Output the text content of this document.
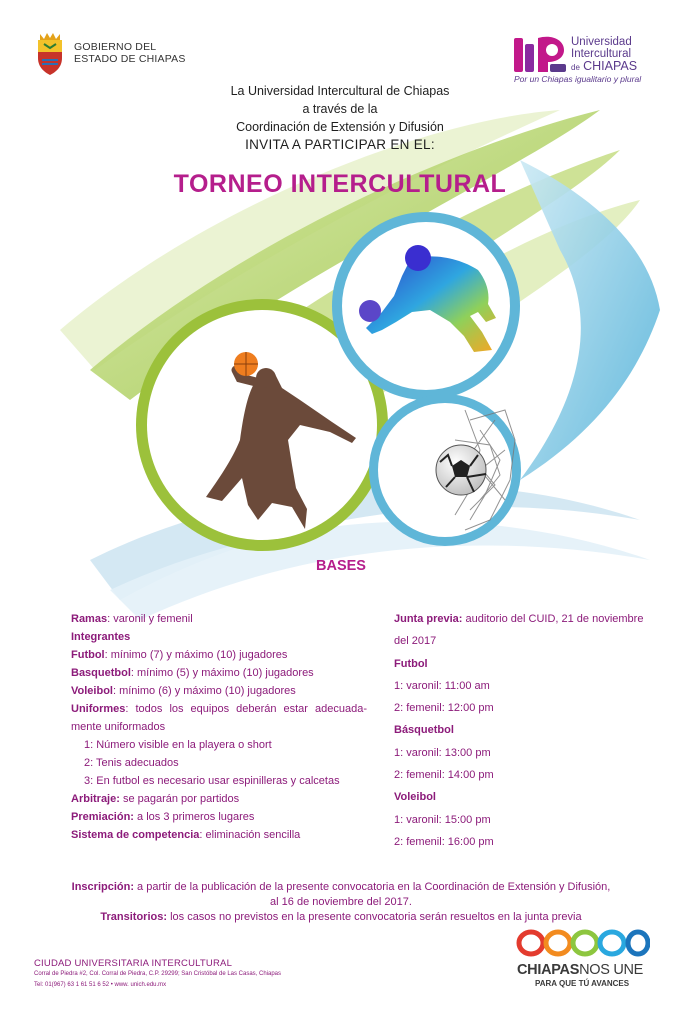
GOBIERNO DEL
ESTADO DE CHIAPAS
Universidad
Intercultural
de CHIAPAS
Por un Chiapas igualitario y plural
La Universidad Intercultural de Chiapas
a través de la
Coordinación de Extensión y Difusión
INVITA A PARTICIPAR EN EL:
TORNEO INTERCULTURAL
BASES
Ramas: varonil y femenil
Integrantes
Futbol: mínimo (7) y máximo (10) jugadores
Basquetbol: mínimo (5) y máximo (10) jugadores
Voleibol: mínimo (6) y máximo (10) jugadores
Uniformes: todos los equipos deberán estar adecuada-
mente uniformados
1: Número visible en la playera o short
2: Tenis adecuados
3: En futbol es necesario usar espinilleras y calcetas
Arbitraje: se pagarán por partidos
Premiación: a los 3 primeros lugares
Sistema de competencia: eliminación sencilla
Junta previa: auditorio del CUID, 21 de noviembre
del 2017
Futbol
1: varonil: 11:00 am
2: femenil: 12:00 pm
Básquetbol
1: varonil: 13:00 pm
2: femenil: 14:00 pm
Voleibol
1: varonil: 15:00 pm
2: femenil: 16:00 pm
Inscripción: a partir de la publicación de la presente convocatoria en la Coordinación de Extensión y Difusión,
al 16 de noviembre del 2017.
Transitorios: los casos no previstos en la presente convocatoria serán resueltos en la junta previa
CIUDAD UNIVERSITARIA INTERCULTURAL
Corral de Piedra #2, Col. Corral de Piedra, C.P. 29299; San Cristóbal de Las Casas, Chiapas
Tel: 01(967) 63 1 61 51 6 52 • www. unich.edu.mx
CHIAPASNOS UNE
PARA QUE TÚ AVANCES
